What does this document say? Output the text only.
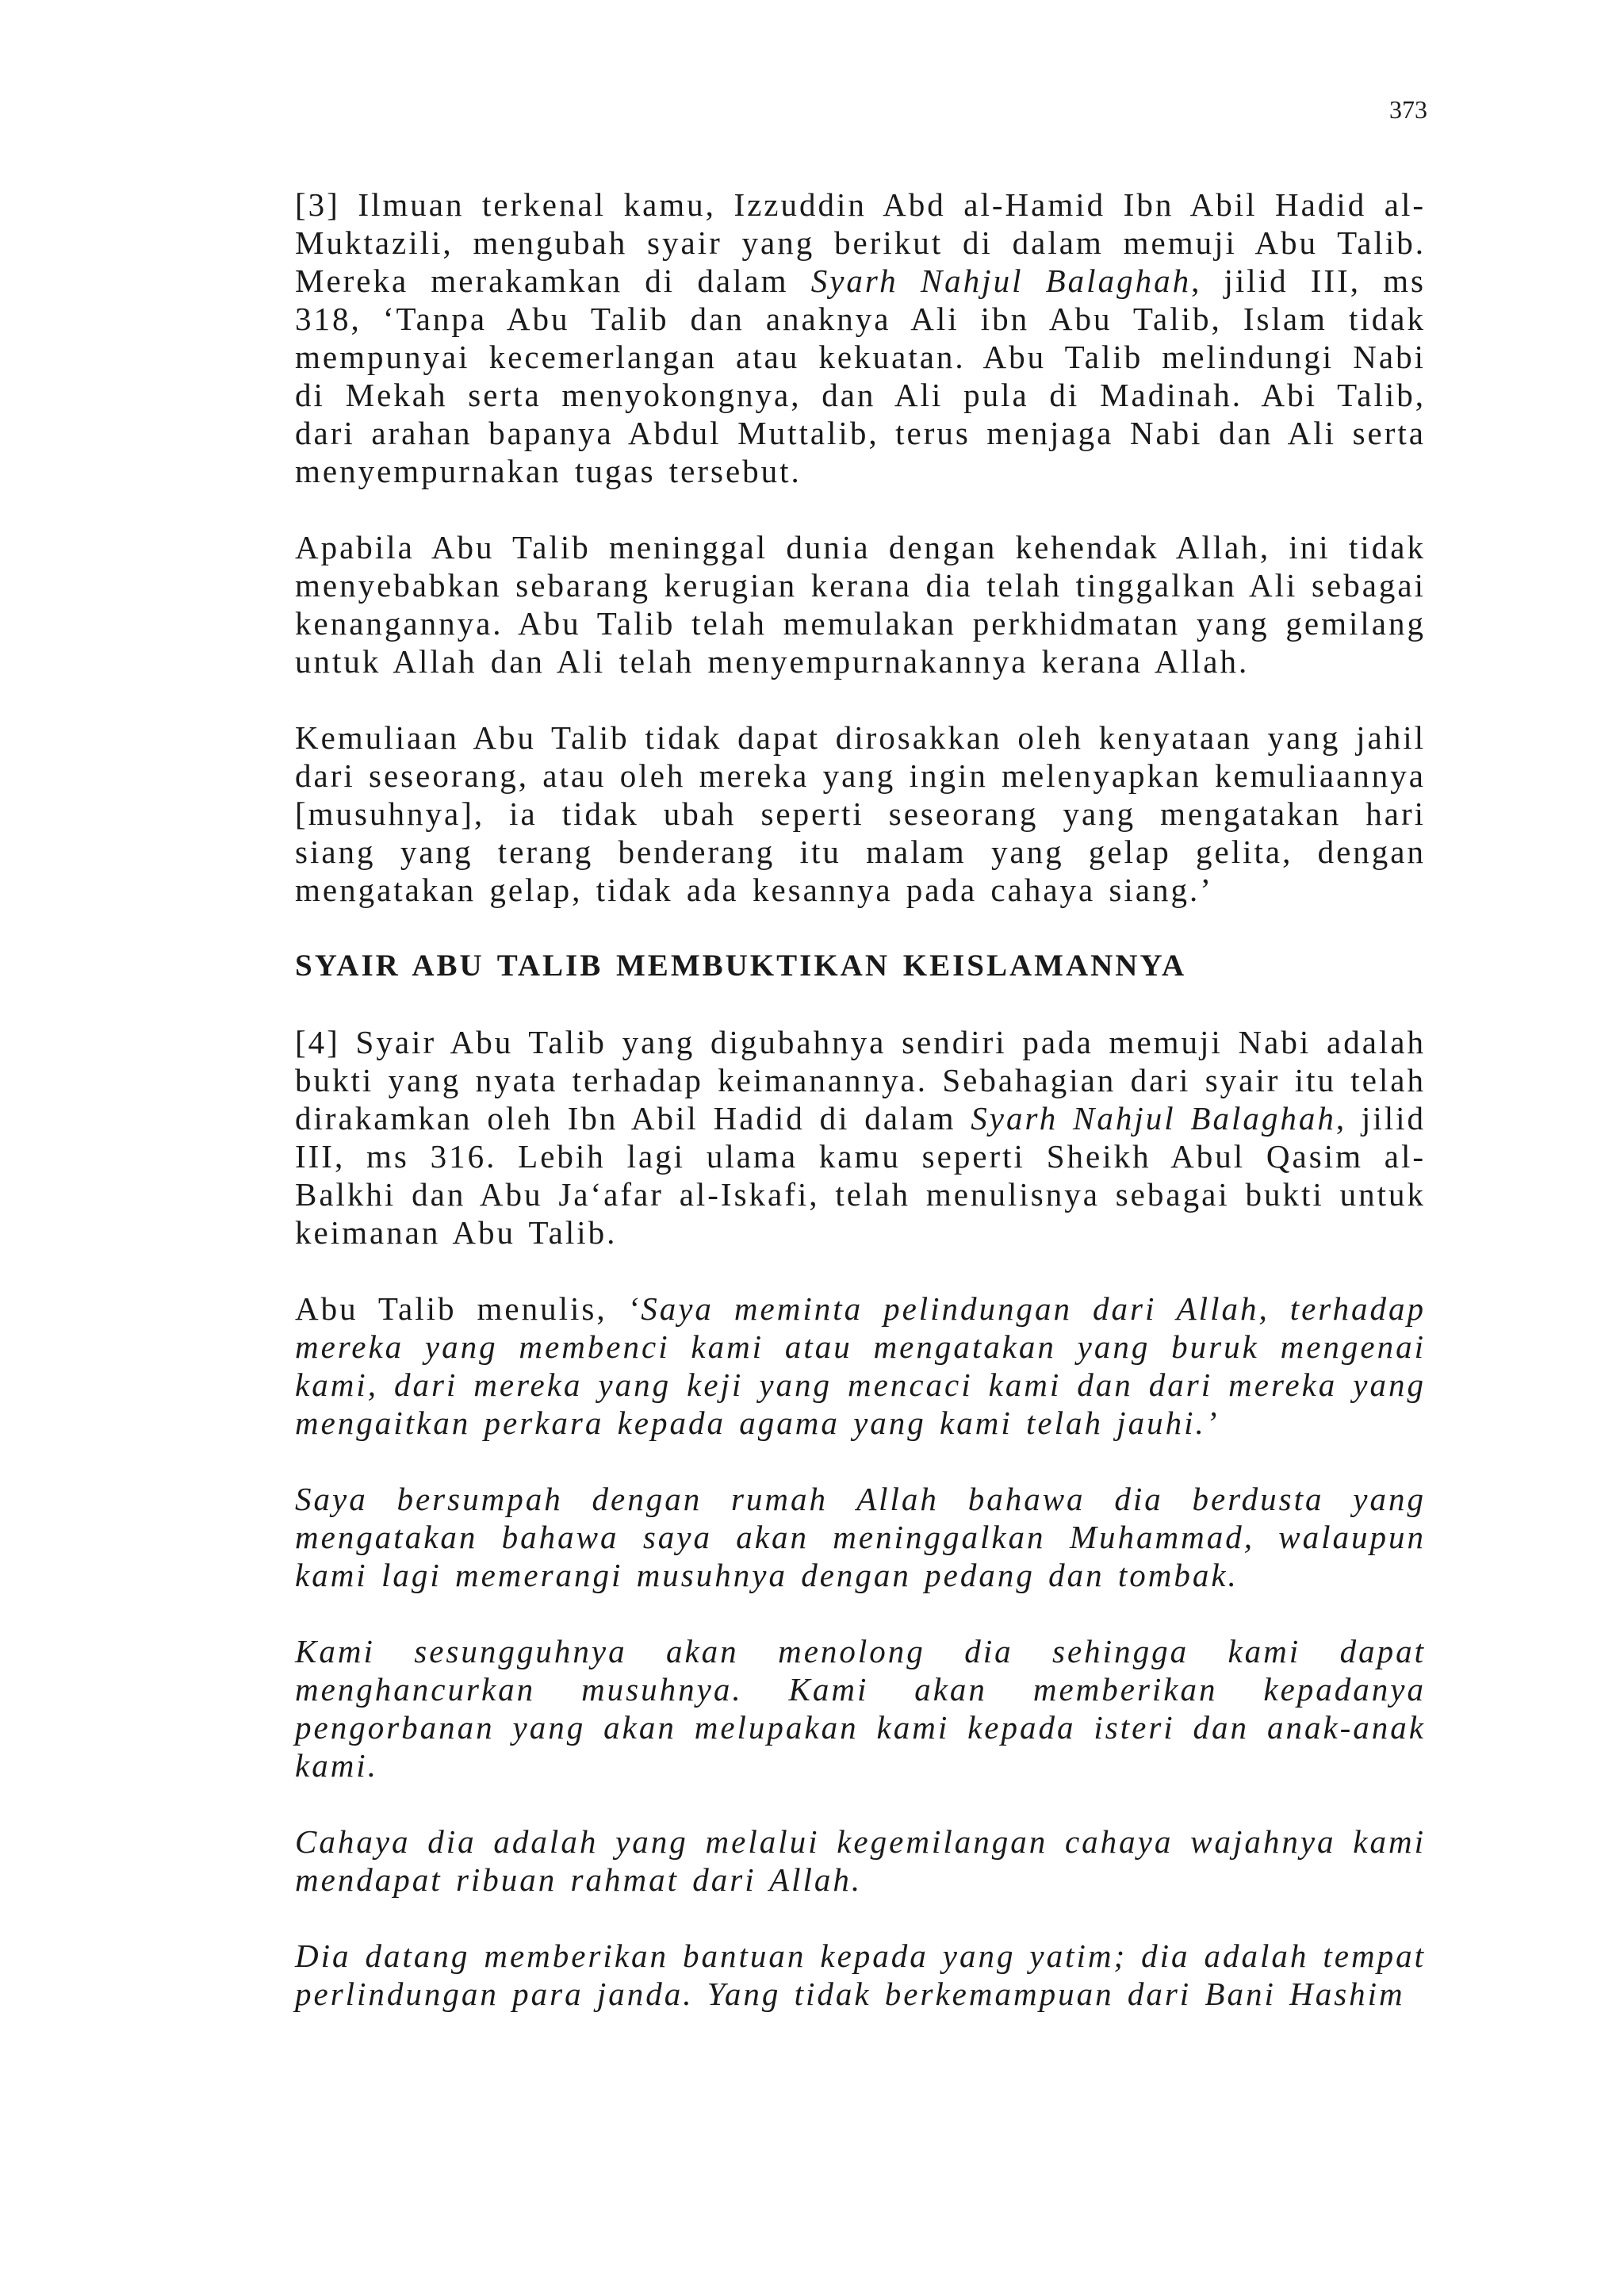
373

[3] Ilmuan terkenal kamu, Izzuddin Abd al-Hamid Ibn Abil Hadid al-Muktazili, mengubah syair yang berikut di dalam memuji Abu Talib. Mereka merakamkan di dalam Syarh Nahjul Balaghah, jilid III, ms 318, ‘Tanpa Abu Talib dan anaknya Ali ibn Abu Talib, Islam tidak mempunyai kecemerlangan atau kekuatan. Abu Talib melindungi Nabi di Mekah serta menyokongnya, dan Ali pula di Madinah. Abi Talib, dari arahan bapanya Abdul Muttalib, terus menjaga Nabi dan Ali serta menyempurnakan tugas tersebut.

Apabila Abu Talib meninggal dunia dengan kehendak Allah, ini tidak menyebabkan sebarang kerugian kerana dia telah tinggalkan Ali sebagai kenangannya. Abu Talib telah memulakan perkhidmatan yang gemilang untuk Allah dan Ali telah menyempurnakannya kerana Allah.

Kemuliaan Abu Talib tidak dapat dirosakkan oleh kenyataan yang jahil dari seseorang, atau oleh mereka yang ingin melenyapkan kemuliaannya [musuhnya], ia tidak ubah seperti seseorang yang mengatakan hari siang yang terang benderang itu malam yang gelap gelita, dengan mengatakan gelap, tidak ada kesannya pada cahaya siang.’

SYAIR ABU TALIB MEMBUKTIKAN KEISLAMANNYA

[4] Syair Abu Talib yang digubahnya sendiri pada memuji Nabi adalah bukti yang nyata terhadap keimanannya. Sebahagian dari syair itu telah dirakamkan oleh Ibn Abil Hadid di dalam Syarh Nahjul Balaghah, jilid III, ms 316. Lebih lagi ulama kamu seperti Sheikh Abul Qasim al-Balkhi dan Abu Ja‘afar al-Iskafi, telah menulisnya sebagai bukti untuk keimanan Abu Talib.

Abu Talib menulis, ‘Saya meminta pelindungan dari Allah, terhadap mereka yang membenci kami atau mengatakan yang buruk mengenai kami, dari mereka yang keji yang mencaci kami dan dari mereka yang mengaitkan perkara kepada agama yang kami telah jauhi.’

Saya bersumpah dengan rumah Allah bahawa dia berdusta yang mengatakan bahawa saya akan meninggalkan Muhammad, walaupun kami lagi memerangi musuhnya dengan pedang dan tombak.

Kami sesungguhnya akan menolong dia sehingga kami dapat menghancurkan musuhnya. Kami akan memberikan kepadanya pengorbanan yang akan melupakan kami kepada isteri dan anak-anak kami.

Cahaya dia adalah yang melalui kegemilangan cahaya wajahnya kami mendapat ribuan rahmat dari Allah.

Dia datang memberikan bantuan kepada yang yatim; dia adalah tempat perlindungan para janda. Yang tidak berkemampuan dari Bani Hashim
